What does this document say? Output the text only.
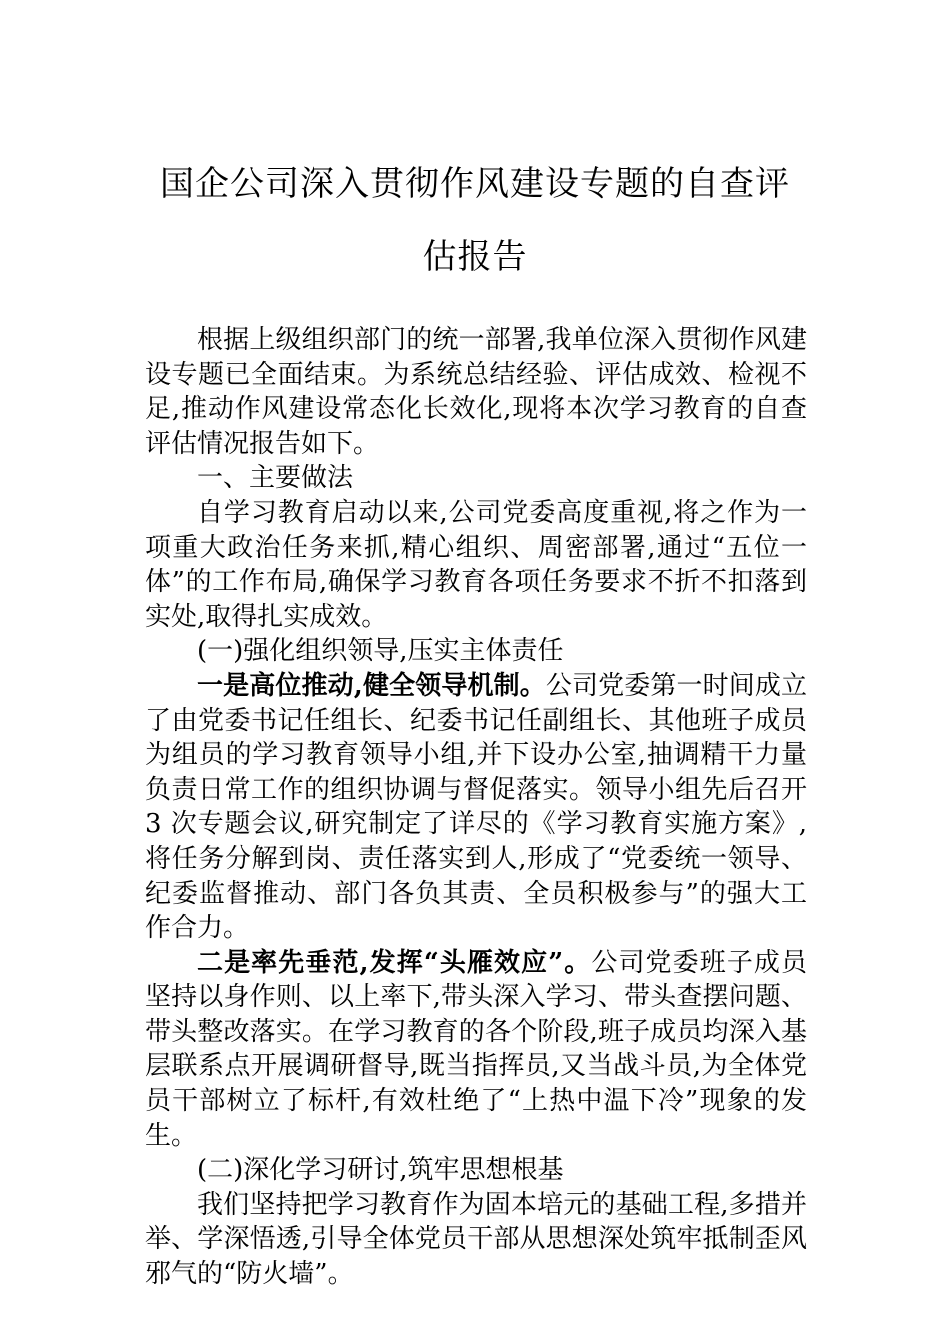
国企公司深入贯彻作风建设专题的自查评
估报告

根据上级组织部门的统一部署,我单位深入贯彻作风建设专题已全面结束。为系统总结经验、评估成效、检视不足,推动作风建设常态化长效化,现将本次学习教育的自查评估情况报告如下。

一、主要做法

自学习教育启动以来,公司党委高度重视,将之作为一项重大政治任务来抓,精心组织、周密部署,通过“五位一体”的工作布局,确保学习教育各项任务要求不折不扣落到实处,取得扎实成效。

(一)强化组织领导,压实主体责任

一是高位推动,健全领导机制。公司党委第一时间成立了由党委书记任组长、纪委书记任副组长、其他班子成员为组员的学习教育领导小组,并下设办公室,抽调精干力量负责日常工作的组织协调与督促落实。领导小组先后召开 3 次专题会议,研究制定了详尽的《学习教育实施方案》,将任务分解到岗、责任落实到人,形成了“党委统一领导、纪委监督推动、部门各负其责、全员积极参与”的强大工作合力。

二是率先垂范,发挥“头雁效应”。公司党委班子成员坚持以身作则、以上率下,带头深入学习、带头查摆问题、带头整改落实。在学习教育的各个阶段,班子成员均深入基层联系点开展调研督导,既当指挥员,又当战斗员,为全体党员干部树立了标杆,有效杜绝了“上热中温下冷”现象的发生。

(二)深化学习研讨,筑牢思想根基

我们坚持把学习教育作为固本培元的基础工程,多措并举、学深悟透,引导全体党员干部从思想深处筑牢抵制歪风邪气的“防火墙”。
